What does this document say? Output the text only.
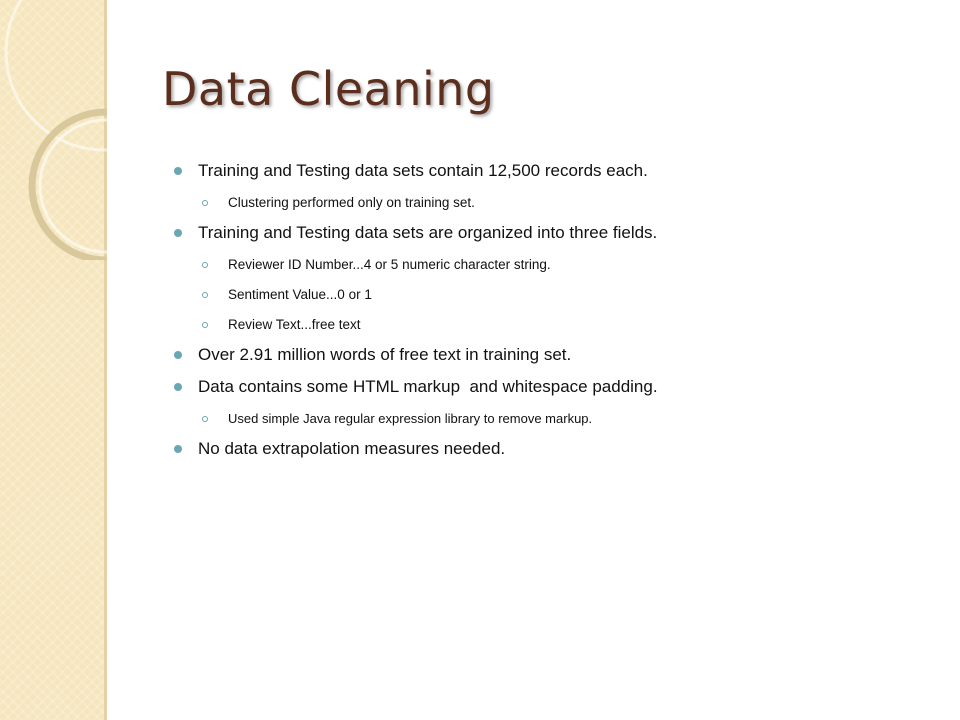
Data Cleaning
Training and Testing data sets contain 12,500 records each.
Clustering performed only on training set.
Training and Testing data sets are organized into three fields.
Reviewer ID Number...4 or 5 numeric character string.
Sentiment Value...0 or 1
Review Text...free text
Over 2.91 million words of free text in training set.
Data contains some HTML markup  and whitespace padding.
Used simple Java regular expression library to remove markup.
No data extrapolation measures needed.
